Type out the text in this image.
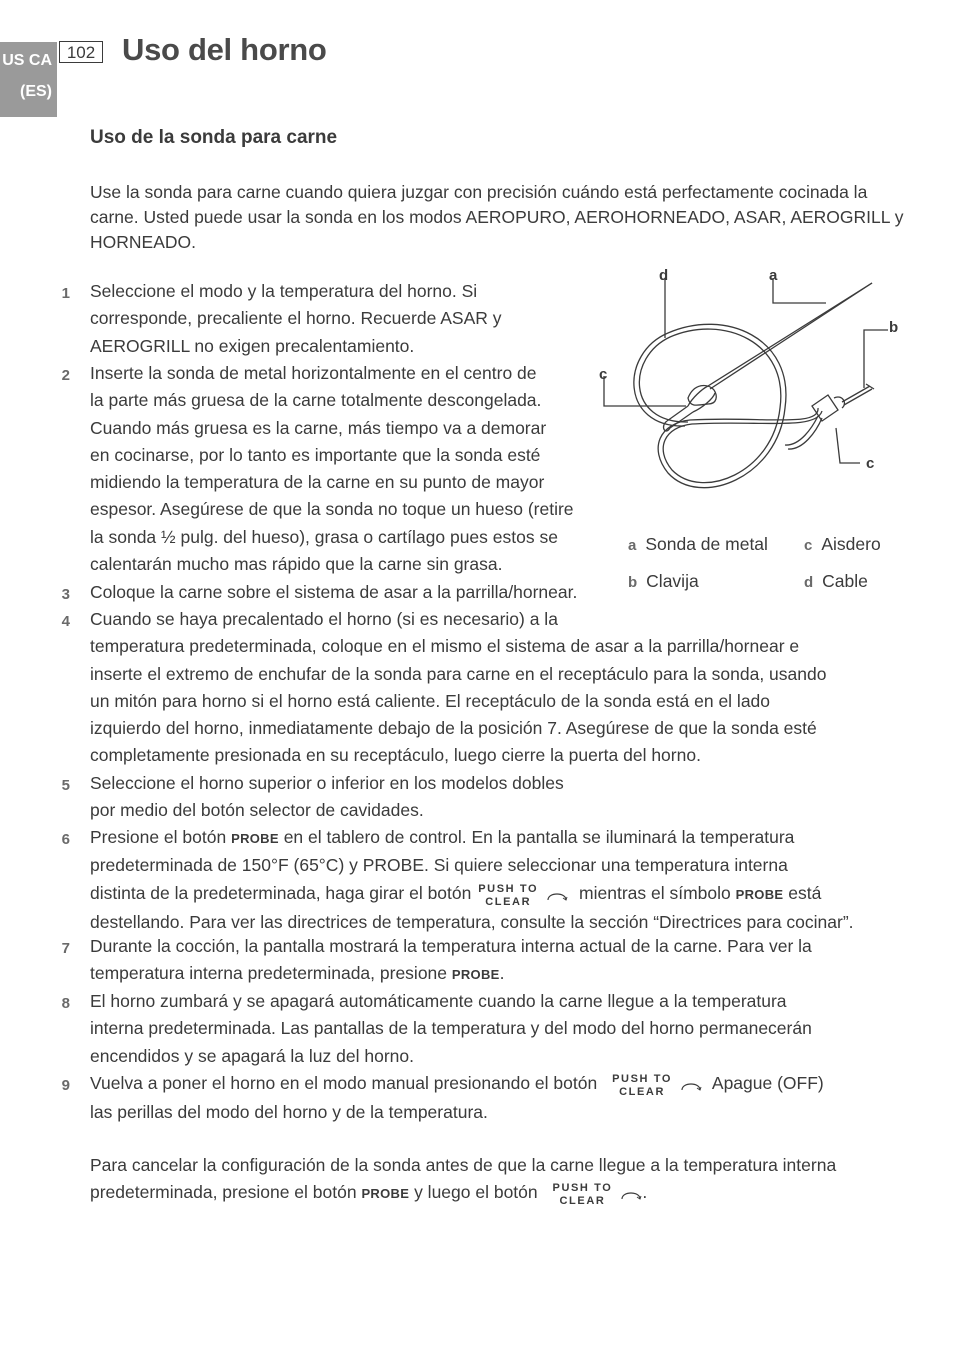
US CA
(ES)
102 Uso del horno
Uso de la sonda para carne

Use la sonda para carne cuando quiera juzgar con precisión cuándo está perfectamente cocinada la carne. Usted puede usar la sonda en los modos AEROPURO, AEROHORNEADO, ASAR, AEROGRILL y HORNEADO.

d	a
b
c
c
a Sonda de metal c Aisdero
b Clavija	d Cable
1 Seleccione el modo y la temperatura del horno. Si
corresponde, precaliente el horno. Recuerde ASAR y
AEROGRILL no exigen precalentamiento.
2 Inserte la sonda de metal horizontalmente en el centro de
la parte más gruesa de la carne totalmente descongelada.
Cuando más gruesa es la carne, más tiempo va a demorar
en cocinarse, por lo tanto es importante que la sonda esté
midiendo la temperatura de la carne en su punto de mayor
espesor. Asegúrese de que la sonda no toque un hueso (retire
la sonda ½ pulg. del hueso), grasa o cartílago pues estos se
calentarán mucho mas rápido que la carne sin grasa.
3 Coloque la carne sobre el sistema de asar a la parrilla/hornear.
4 Cuando se haya precalentado el horno (si es necesario) a la
temperatura predeterminada, coloque en el mismo el sistema de asar a la parrilla/hornear e
inserte el extremo de enchufar de la sonda para carne en el receptáculo para la sonda, usando
un mitón para horno si el horno está caliente. El receptáculo de la sonda está en el lado
izquierdo del horno, inmediatamente debajo de la posición 7. Asegúrese de que la sonda esté
completamente presionada en su receptáculo, luego cierre la puerta del horno.
5 Seleccione el horno superior o inferior en los modelos dobles
por medio del botón selector de cavidades.
6 Presione el botón PROBE en el tablero de control. En la pantalla se iluminará la temperatura
predeterminada de 150°F (65°C) y PROBE. Si quiere seleccionar una temperatura interna
distinta de la predeterminada, haga girar el botón PUSH TO
CLEAR	mientras el símbolo PROBE está
destellando. Para ver las directrices de temperatura, consulte la sección “Directrices para cocinar”.
7 Durante la cocción, la pantalla mostrará la temperatura interna actual de la carne. Para ver la
temperatura interna predeterminada, presione PROBE.
8 El horno zumbará y se apagará automáticamente cuando la carne llegue a la temperatura
interna predeterminada. Las pantallas de la temperatura y del modo del horno permanecerán
encendidos y se apagará la luz del horno.
9 Vuelva a poner el horno en el modo manual presionando el botón PUSH TO
CLEAR	Apague (OFF)
las perillas del modo del horno y de la temperatura.
Para cancelar la configuración de la sonda antes de que la carne llegue a la temperatura interna
predeterminada, presione el botón PROBE y luego el botón PUSH TO
CLEAR .
